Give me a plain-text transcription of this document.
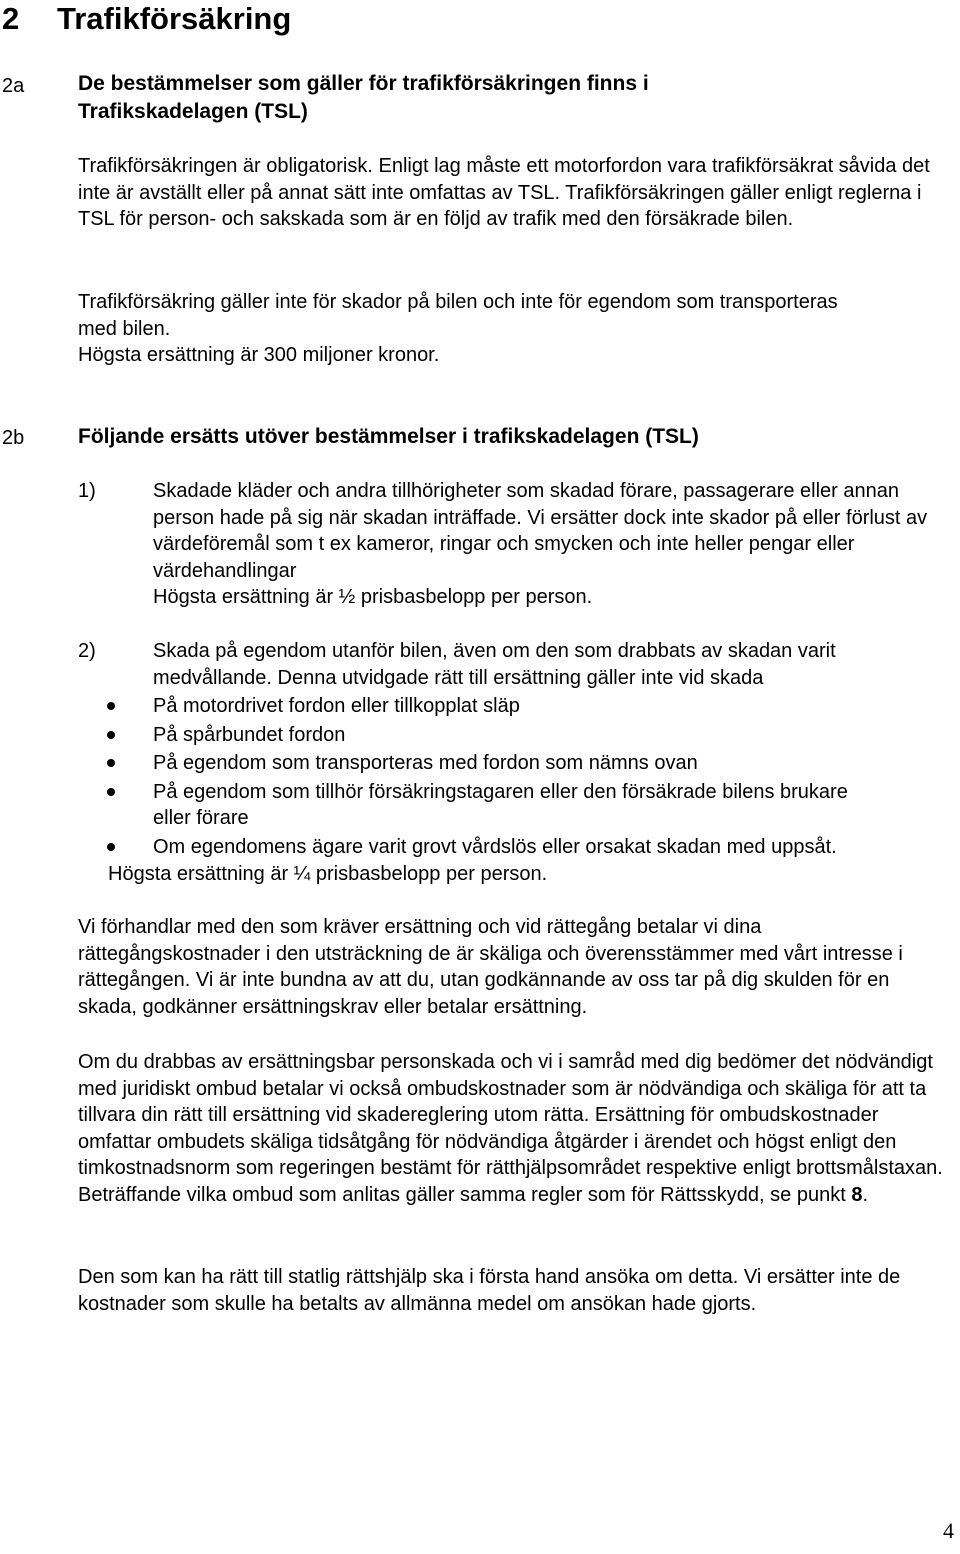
2 Trafikförsäkring
2a	De bestämmelser som gäller för trafikförsäkringen finns i
Trafikskadelagen (TSL)
Trafikförsäkringen är obligatorisk. Enligt lag måste ett motorfordon vara trafikförsäkrat såvida det inte är avställt eller på annat sätt inte omfattas av TSL. Trafikförsäkringen gäller enligt reglerna i TSL för person- och sakskada som är en följd av trafik med den försäkrade bilen.

Trafikförsäkring gäller inte för skador på bilen och inte för egendom som transporteras med bilen.

Högsta ersättning är 300 miljoner kronor.

2b	Följande ersätts utöver bestämmelser i trafikskadelagen (TSL)
1)	Skadade kläder och andra tillhörigheter som skadad förare, passagerare eller annan person hade på sig när skadan inträffade. Vi ersätter dock inte skador på eller förlust av värdeföremål som t ex kameror, ringar och smycken och inte heller pengar eller värdehandlingar
Högsta ersättning är ½ prisbasbelopp per person.
2)	Skada på egendom utanför bilen, även om den som drabbats av skadan varit medvållande. Denna utvidgade rätt till ersättning gäller inte vid skada
På motordrivet fordon eller tillkopplat släp
På spårbundet fordon
På egendom som transporteras med fordon som nämns ovan
På egendom som tillhör försäkringstagaren eller den försäkrade bilens brukare eller förare
Om egendomens ägare varit grovt vårdslös eller orsakat skadan med uppsåt.
Högsta ersättning är ¼ prisbasbelopp per person.
Vi förhandlar med den som kräver ersättning och vid rättegång betalar vi dina rättegångskostnader i den utsträckning de är skäliga och överensstämmer med vårt intresse i rättegången. Vi är inte bundna av att du, utan godkännande av oss tar på dig skulden för en skada, godkänner ersättningskrav eller betalar ersättning.
Om du drabbas av ersättningsbar personskada och vi i samråd med dig bedömer det nödvändigt med juridiskt ombud betalar vi också ombudskostnader som är nödvändiga och skäliga för att ta tillvara din rätt till ersättning vid skadereglering utom rätta. Ersättning för ombudskostnader omfattar ombudets skäliga tidsåtgång för nödvändiga åtgärder i ärendet och högst enligt den timkostnadsnorm som regeringen bestämt för rätthjälpsområdet respektive enligt brottsmålstaxan. Beträffande vilka ombud som anlitas gäller samma regler som för Rättsskydd, se punkt 8.
Den som kan ha rätt till statlig rättshjälp ska i första hand ansöka om detta. Vi ersätter inte de kostnader som skulle ha betalts av allmänna medel om ansökan hade gjorts.
4
